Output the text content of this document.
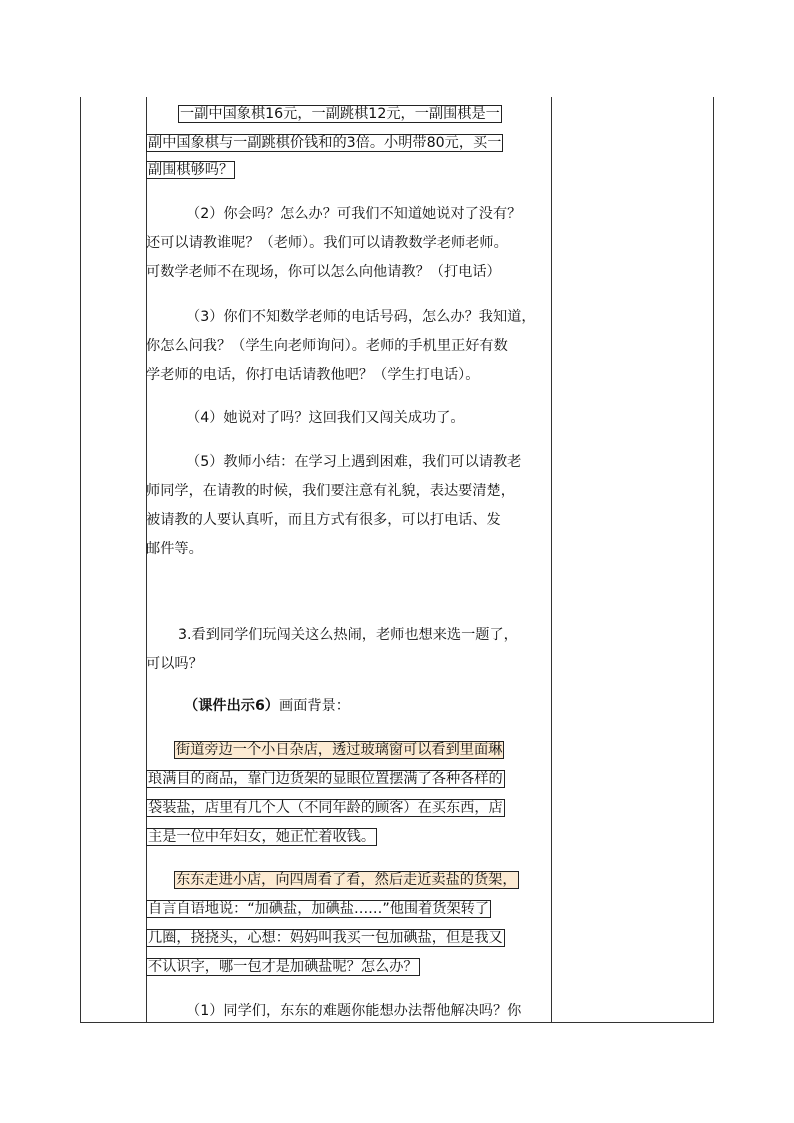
一副中国象棋16元，一副跳棋12元，一副围棋是一
副中国象棋与一副跳棋价钱和的3倍。小明带80元，买一
副围棋够吗？
（2）你会吗？怎么办？可我们不知道她说对了没有？
还可以请教谁呢？（老师）。我们可以请教数学老师老师。
可数学老师不在现场，你可以怎么向他请教？（打电话）
（3）你们不知数学老师的电话号码，怎么办？我知道，
你怎么问我？（学生向老师询问）。老师的手机里正好有数
学老师的电话，你打电话请教他吧？（学生打电话）。
（4）她说对了吗？这回我们又闯关成功了。
（5）教师小结：在学习上遇到困难，我们可以请教老
师同学，在请教的时候，我们要注意有礼貌，表达要清楚，
被请教的人要认真听，而且方式有很多，可以打电话、发
邮件等。
3.看到同学们玩闯关这么热闹，老师也想来选一题了，
可以吗？
（课件出示6）画面背景：
街道旁边一个小日杂店，透过玻璃窗可以看到里面琳
琅满目的商品，靠门边货架的显眼位置摆满了各种各样的
袋装盐，店里有几个人（不同年龄的顾客）在买东西，店
主是一位中年妇女，她正忙着收钱。
东东走进小店，向四周看了看，然后走近卖盐的货架，
自言自语地说：“加碘盐，加碘盐……”他围着货架转了
几圈，挠挠头，心想：妈妈叫我买一包加碘盐，但是我又
不认识字，哪一包才是加碘盐呢？怎么办？
（1）同学们，东东的难题你能想办法帮他解决吗？你
